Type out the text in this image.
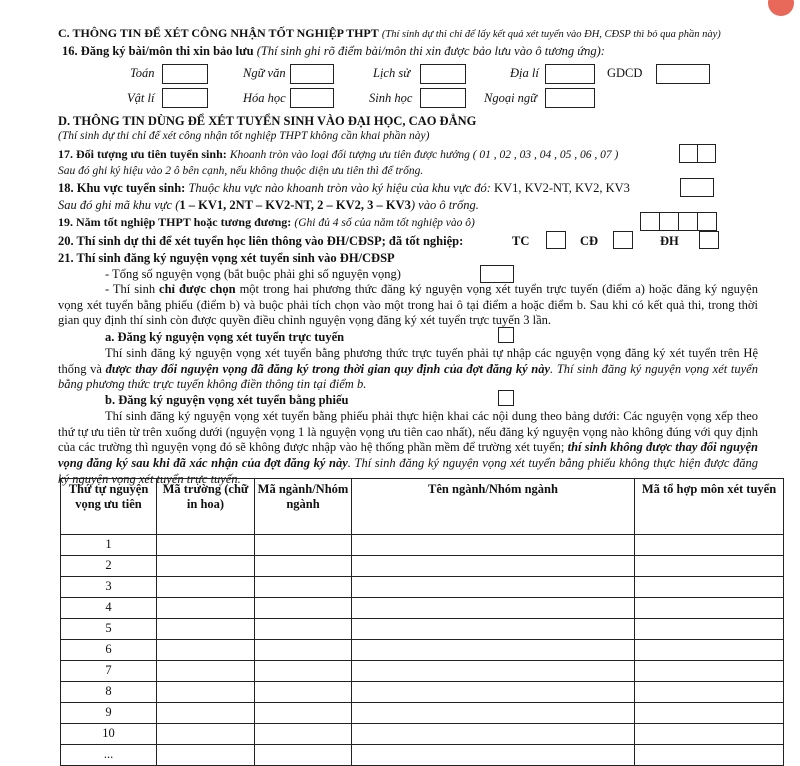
C. THÔNG TIN ĐỂ XÉT CÔNG NHẬN TỐT NGHIỆP THPT (Thí sinh dự thi chỉ để lấy kết quả xét tuyển vào ĐH, CĐSP thì bỏ qua phần này)
16. Đăng ký bài/môn thi xin bảo lưu (Thí sinh ghi rõ điểm bài/môn thi xin được bảo lưu vào ô tương ứng):
Toán	Ngữ văn	Lịch sử	Địa lí	GDCD
Vật lí	Hóa học	Sinh học	Ngoại ngữ
D. THÔNG TIN DÙNG ĐỂ XÉT TUYỂN SINH VÀO ĐẠI HỌC, CAO ĐẲNG
(Thí sinh dự thi chỉ để xét công nhận tốt nghiệp THPT không cần khai phần này)
17. Đối tượng ưu tiên tuyển sinh: Khoanh tròn vào loại đối tượng ưu tiên được hưởng ( 01 , 02 , 03 , 04 , 05 , 06 , 07 )
Sau đó ghi ký hiệu vào 2 ô bên cạnh, nếu không thuộc diện ưu tiên thì để trống.
18. Khu vực tuyển sinh: Thuộc khu vực nào khoanh tròn vào ký hiệu của khu vực đó: KV1, KV2-NT, KV2, KV3
Sau đó ghi mã khu vực (1 – KV1, 2NT – KV2-NT, 2 – KV2, 3 – KV3) vào ô trống.
19. Năm tốt nghiệp THPT hoặc tương đương: (Ghi đủ 4 số của năm tốt nghiệp vào ô)
20. Thí sinh dự thi để xét tuyển học liên thông vào ĐH/CĐSP; đã tốt nghiệp:	TC	CĐ	ĐH
21. Thí sinh đăng ký nguyện vọng xét tuyển sinh vào ĐH/CĐSP
- Tổng số nguyện vọng (bắt buộc phải ghi số nguyện vọng)
- Thí sinh chỉ được chọn một trong hai phương thức đăng ký nguyện vọng xét tuyển trực tuyến (điểm a) hoặc đăng ký nguyện vọng xét tuyển bằng phiếu (điểm b) và buộc phải tích chọn vào một trong hai ô tại điểm a hoặc điểm b. Sau khi có kết quả thi, trong thời gian quy định thí sinh còn được quyền điều chỉnh nguyện vọng đăng ký xét tuyển trực tuyến 3 lần.
a. Đăng ký nguyện vọng xét tuyển trực tuyến
Thí sinh đăng ký nguyện vọng xét tuyển bằng phương thức trực tuyến phải tự nhập các nguyện vọng đăng ký xét tuyển trên Hệ thống và được thay đổi nguyện vọng đã đăng ký trong thời gian quy định của đợt đăng ký này. Thí sinh đăng ký nguyện vọng xét tuyển bằng phương thức trực tuyến không điền thông tin tại điểm b.
b. Đăng ký nguyện vọng xét tuyển bằng phiếu
Thí sinh đăng ký nguyện vọng xét tuyển bằng phiếu phải thực hiện khai các nội dung theo bảng dưới: Các nguyện vọng xếp theo thứ tự ưu tiên từ trên xuống dưới (nguyện vọng 1 là nguyện vọng ưu tiên cao nhất), nếu đăng ký nguyện vọng nào không đúng với quy định của các trường thì nguyện vọng đó sẽ không được nhập vào hệ thống phần mềm để trường xét tuyển; thí sinh không được thay đổi nguyện vọng đăng ký sau khi đã xác nhận của đợt đăng ký này. Thí sinh đăng ký nguyện vọng xét tuyển bằng phiếu không thực hiện được đăng ký nguyện vọng xét tuyển trực tuyến.
Thứ tự nguyện vọng ưu tiên	Mã trường (chữ in hoa)	Mã ngành/Nhóm ngành	Tên ngành/Nhóm ngành	Mã tổ hợp môn xét tuyển
1				
2				
3				
4				
5				
6				
7				
8				
9				
10				
...				
